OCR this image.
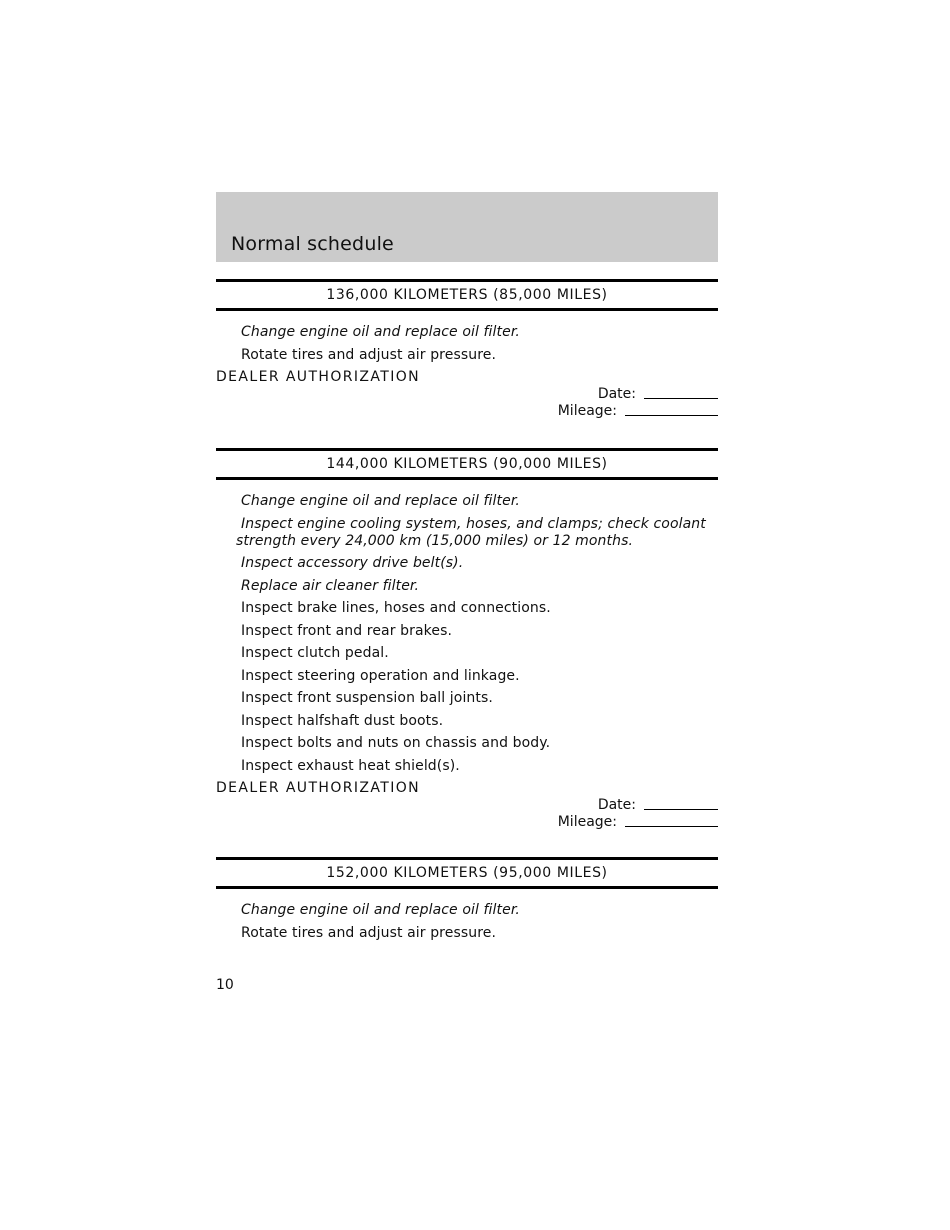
Normal schedule
136,000 KILOMETERS (85,000 MILES)
Change engine oil and replace oil filter.
Rotate tires and adjust air pressure.
DEALER AUTHORIZATION
Date:
Mileage:
144,000 KILOMETERS (90,000 MILES)
Change engine oil and replace oil filter.
Inspect engine cooling system, hoses, and clamps; check coolant strength every 24,000 km (15,000 miles) or 12 months.
Inspect accessory drive belt(s).
Replace air cleaner filter.
Inspect brake lines, hoses and connections.
Inspect front and rear brakes.
Inspect clutch pedal.
Inspect steering operation and linkage.
Inspect front suspension ball joints.
Inspect halfshaft dust boots.
Inspect bolts and nuts on chassis and body.
Inspect exhaust heat shield(s).
DEALER AUTHORIZATION
Date:
Mileage:
152,000 KILOMETERS (95,000 MILES)
Change engine oil and replace oil filter.
Rotate tires and adjust air pressure.
10
